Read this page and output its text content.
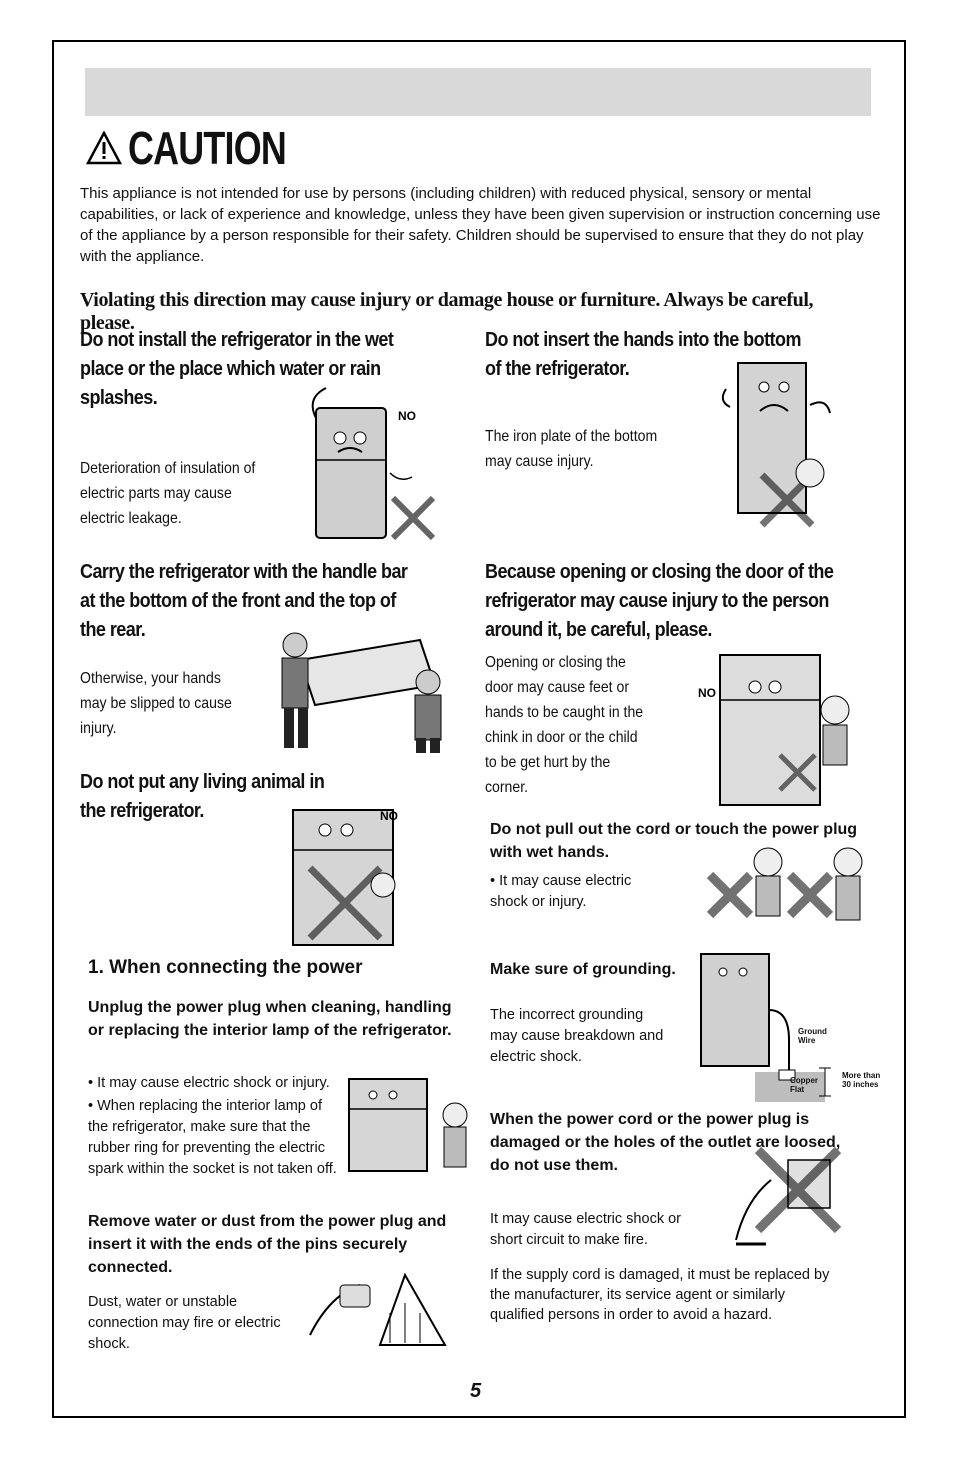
CAUTION
This appliance is not intended for use by persons (including children) with reduced physical, sensory or mental capabilities, or lack of experience and knowledge, unless they have been given supervision or instruction concerning use of the appliance by a person responsible for their safety. Children should be supervised to ensure that they do not play with the appliance.
Violating this direction may cause injury or damage house or furniture. Always be careful, please.
Do not install the refrigerator in the wet place or the place which water or rain splashes.
Deterioration of insulation of electric parts may cause electric leakage.
NO
Carry the refrigerator with the handle bar at the bottom of the front and the top of the rear.
Otherwise, your hands may be slipped to cause injury.
Do not put any living animal in the refrigerator.	NO
Do not insert the hands into the bottom of the refrigerator.
The iron plate of the bottom may cause injury.
Because opening or closing the door of the refrigerator may cause injury to the person around it, be careful, please.
Opening or closing the door may cause feet or hands to be caught in the chink in door or the child to be get hurt by the corner.
NO
Do not pull out the cord or touch the power plug with wet hands.
• It may cause electric shock or injury.
Make sure of grounding.
The incorrect grounding may cause breakdown and electric shock.
Ground Wire
Copper Flat
More than 30 inches
When the power cord or the power plug is damaged or the holes of the outlet are loosed, do not use them.
It may cause electric shock or short circuit to make fire.
If the supply cord is damaged, it must be replaced by the manufacturer, its service agent or similarly qualified persons in order to avoid a hazard.
1. When connecting the power
Unplug the power plug when cleaning, handling or replacing the interior lamp of the refrigerator.
• It may cause electric shock or injury.
• When replacing the interior lamp of the refrigerator, make sure that the rubber ring for preventing the electric spark within the socket is not taken off.
Remove water or dust from the power plug and insert it with the ends of the pins securely connected.
Dust, water or unstable connection may fire or electric shock.
5
